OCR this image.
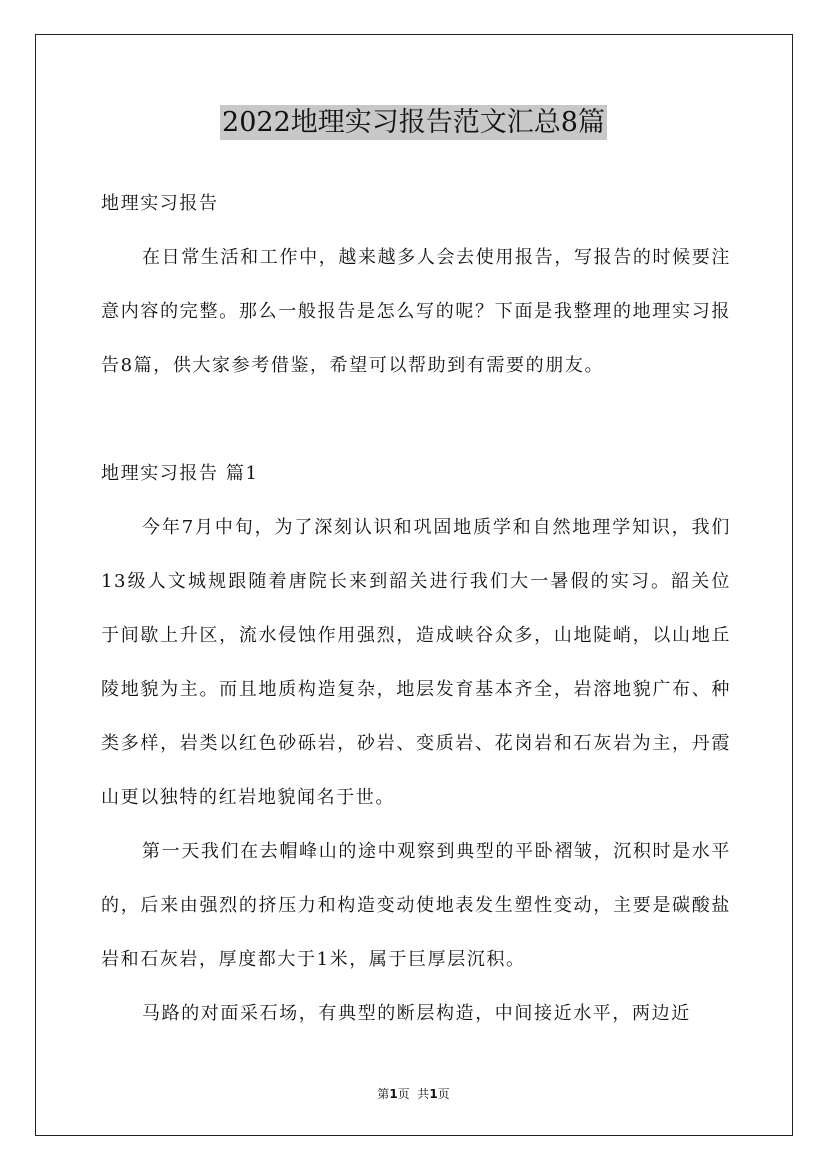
2022地理实习报告范文汇总8篇

地理实习报告

在日常生活和工作中，越来越多人会去使用报告，写报告的时候要注意内容的完整。那么一般报告是怎么写的呢？下面是我整理的地理实习报告8篇，供大家参考借鉴，希望可以帮助到有需要的朋友。

地理实习报告 篇1

今年7月中旬，为了深刻认识和巩固地质学和自然地理学知识，我们13级人文城规跟随着唐院长来到韶关进行我们大一暑假的实习。韶关位于间歇上升区，流水侵蚀作用强烈，造成峡谷众多，山地陡峭，以山地丘陵地貌为主。而且地质构造复杂，地层发育基本齐全，岩溶地貌广布、种类多样，岩类以红色砂砾岩，砂岩、变质岩、花岗岩和石灰岩为主，丹霞山更以独特的红岩地貌闻名于世。

第一天我们在去帽峰山的途中观察到典型的平卧褶皱，沉积时是水平的，后来由强烈的挤压力和构造变动使地表发生塑性变动，主要是碳酸盐岩和石灰岩，厚度都大于1米，属于巨厚层沉积。

马路的对面采石场，有典型的断层构造，中间接近水平，两边近

第1页  共1页
